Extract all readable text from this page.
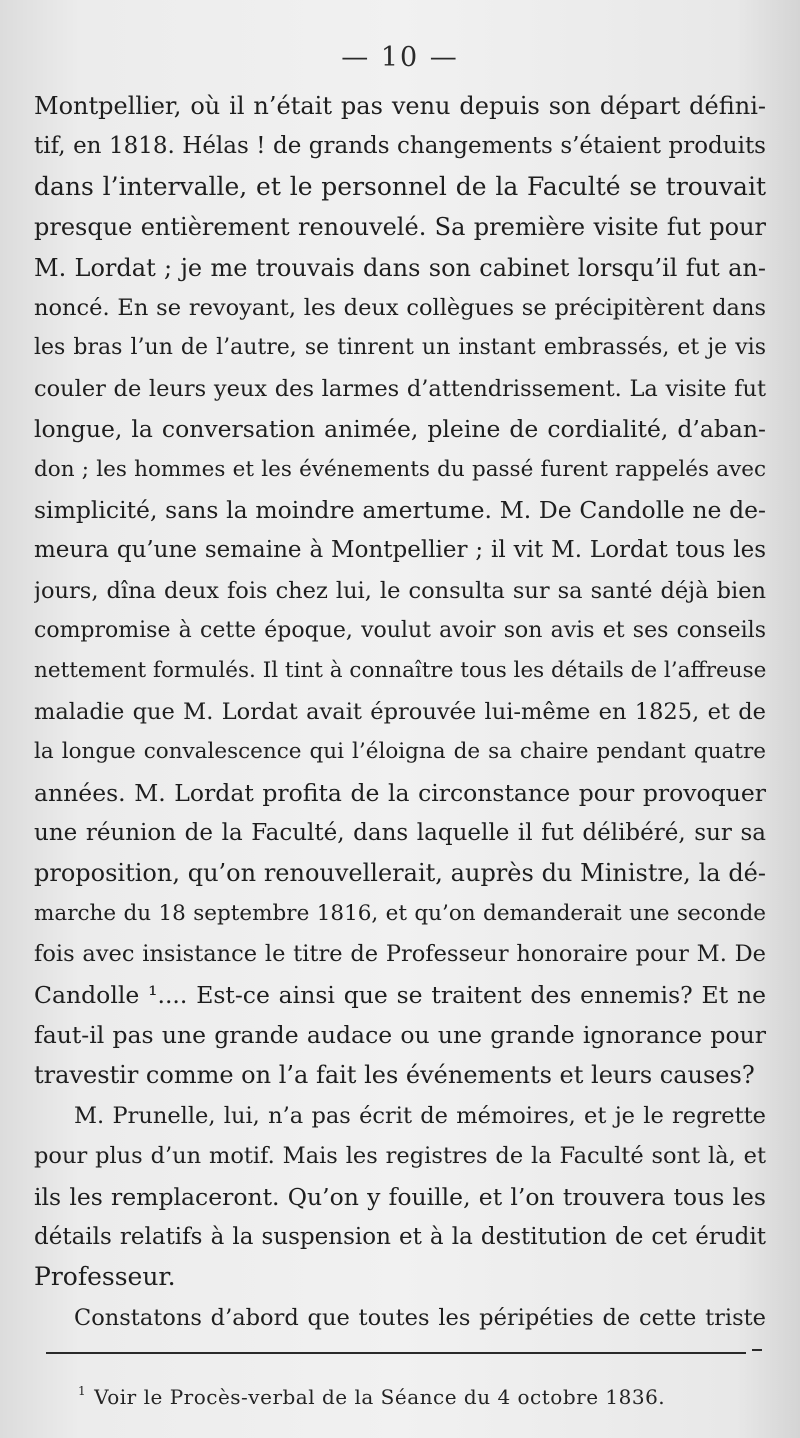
— 10 —
Montpellier, où il n’était pas venu depuis son départ défini-
tif, en 1818. Hélas ! de grands changements s’étaient produits
dans l’intervalle, et le personnel de la Faculté se trouvait
presque entièrement renouvelé. Sa première visite fut pour
M. Lordat ; je me trouvais dans son cabinet lorsqu’il fut an-
noncé. En se revoyant, les deux collègues se précipitèrent dans
les bras l’un de l’autre, se tinrent un instant embrassés, et je vis
couler de leurs yeux des larmes d’attendrissement. La visite fut
longue, la conversation animée, pleine de cordialité, d’aban-
don ; les hommes et les événements du passé furent rappelés avec
simplicité, sans la moindre amertume. M. De Candolle ne de-
meura qu’une semaine à Montpellier ; il vit M. Lordat tous les
jours, dîna deux fois chez lui, le consulta sur sa santé déjà bien
compromise à cette époque, voulut avoir son avis et ses conseils
nettement formulés. Il tint à connaître tous les détails de l’affreuse
maladie que M. Lordat avait éprouvée lui-même en 1825, et de
la longue convalescence qui l’éloigna de sa chaire pendant quatre
années. M. Lordat profita de la circonstance pour provoquer
une réunion de la Faculté, dans laquelle il fut délibéré, sur sa
proposition, qu’on renouvellerait, auprès du Ministre, la dé-
marche du 18 septembre 1816, et qu’on demanderait une seconde
fois avec insistance le titre de Professeur honoraire pour M. De
Candolle ¹.... Est-ce ainsi que se traitent des ennemis? Et ne
faut-il pas une grande audace ou une grande ignorance pour
travestir comme on l’a fait les événements et leurs causes?
M. Prunelle, lui, n’a pas écrit de mémoires, et je le regrette
pour plus d’un motif. Mais les registres de la Faculté sont là, et
ils les remplaceront. Qu’on y fouille, et l’on trouvera tous les
détails relatifs à la suspension et à la destitution de cet érudit
Professeur.
Constatons d’abord que toutes les péripéties de cette triste
$^1$ Voir le Procès-verbal de la Séance du 4 octobre 1836.
